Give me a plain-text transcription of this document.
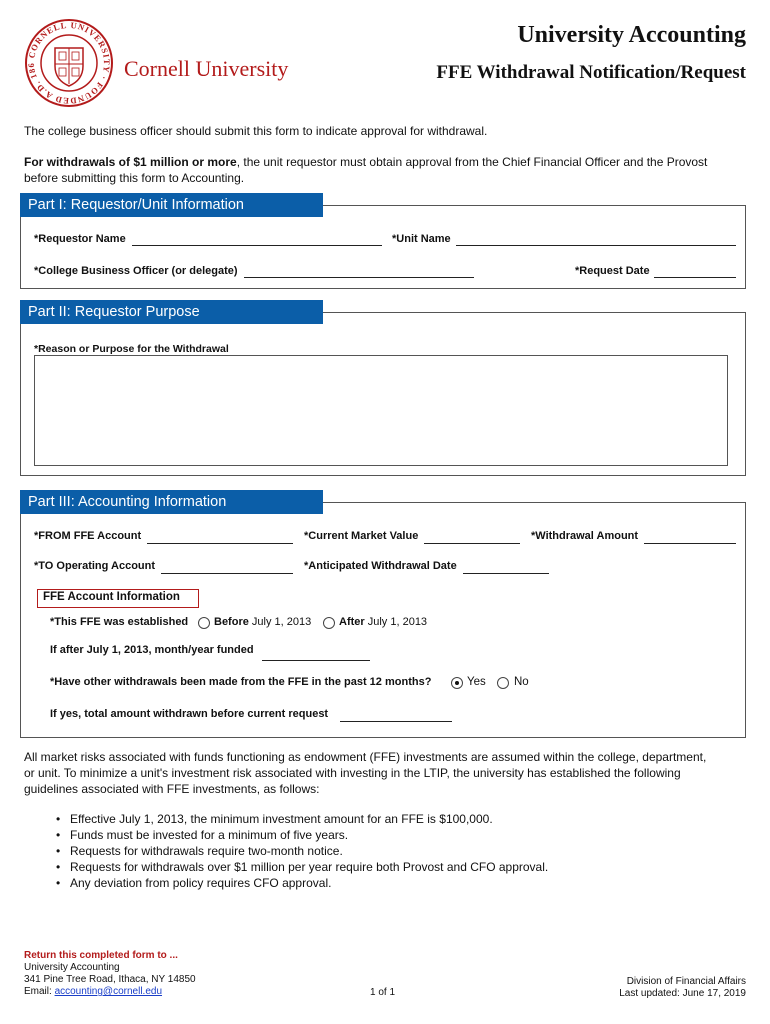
CORNELL UNIVERSITY · FOUNDED A.D. 186	Cornell University
University Accounting
FFE Withdrawal Notification/Request
The college business officer should submit this form to indicate approval for withdrawal.
For withdrawals of $1 million or more, the unit requestor must obtain approval from the Chief Financial Officer and the Provost
before submitting this form to Accounting.
Part I: Requestor/Unit Information
*Requestor Name	*Unit Name
*College Business Officer (or delegate)	*Request Date
Part II: Requestor Purpose
*Reason or Purpose for the Withdrawal
Part III: Accounting Information
*FROM FFE Account	*Current Market Value	*Withdrawal Amount
*TO Operating Account	*Anticipated Withdrawal Date
FFE Account Information
*This FFE was established Before July 1, 2013	After July 1, 2013
If after July 1, 2013, month/year funded
*Have other withdrawals been made from the FFE in the past 12 months?	Yes No
If yes, total amount withdrawn before current request
All market risks associated with funds functioning as endowment (FFE) investments are assumed within the college, department,
or unit. To minimize a unit's investment risk associated with investing in the LTIP, the university has established the following
guidelines associated with FFE investments, as follows:
• Effective July 1, 2013, the minimum investment amount for an FFE is $100,000.
• Funds must be invested for a minimum of five years.
• Requests for withdrawals require two-month notice.
• Requests for withdrawals over $1 million per year require both Provost and CFO approval.
• Any deviation from policy requires CFO approval.
Return this completed form to ...
University Accounting
341 Pine Tree Road, Ithaca, NY 14850
Email: accounting@cornell.edu	1 of 1
Division of Financial Affairs
Last updated: June 17, 2019
